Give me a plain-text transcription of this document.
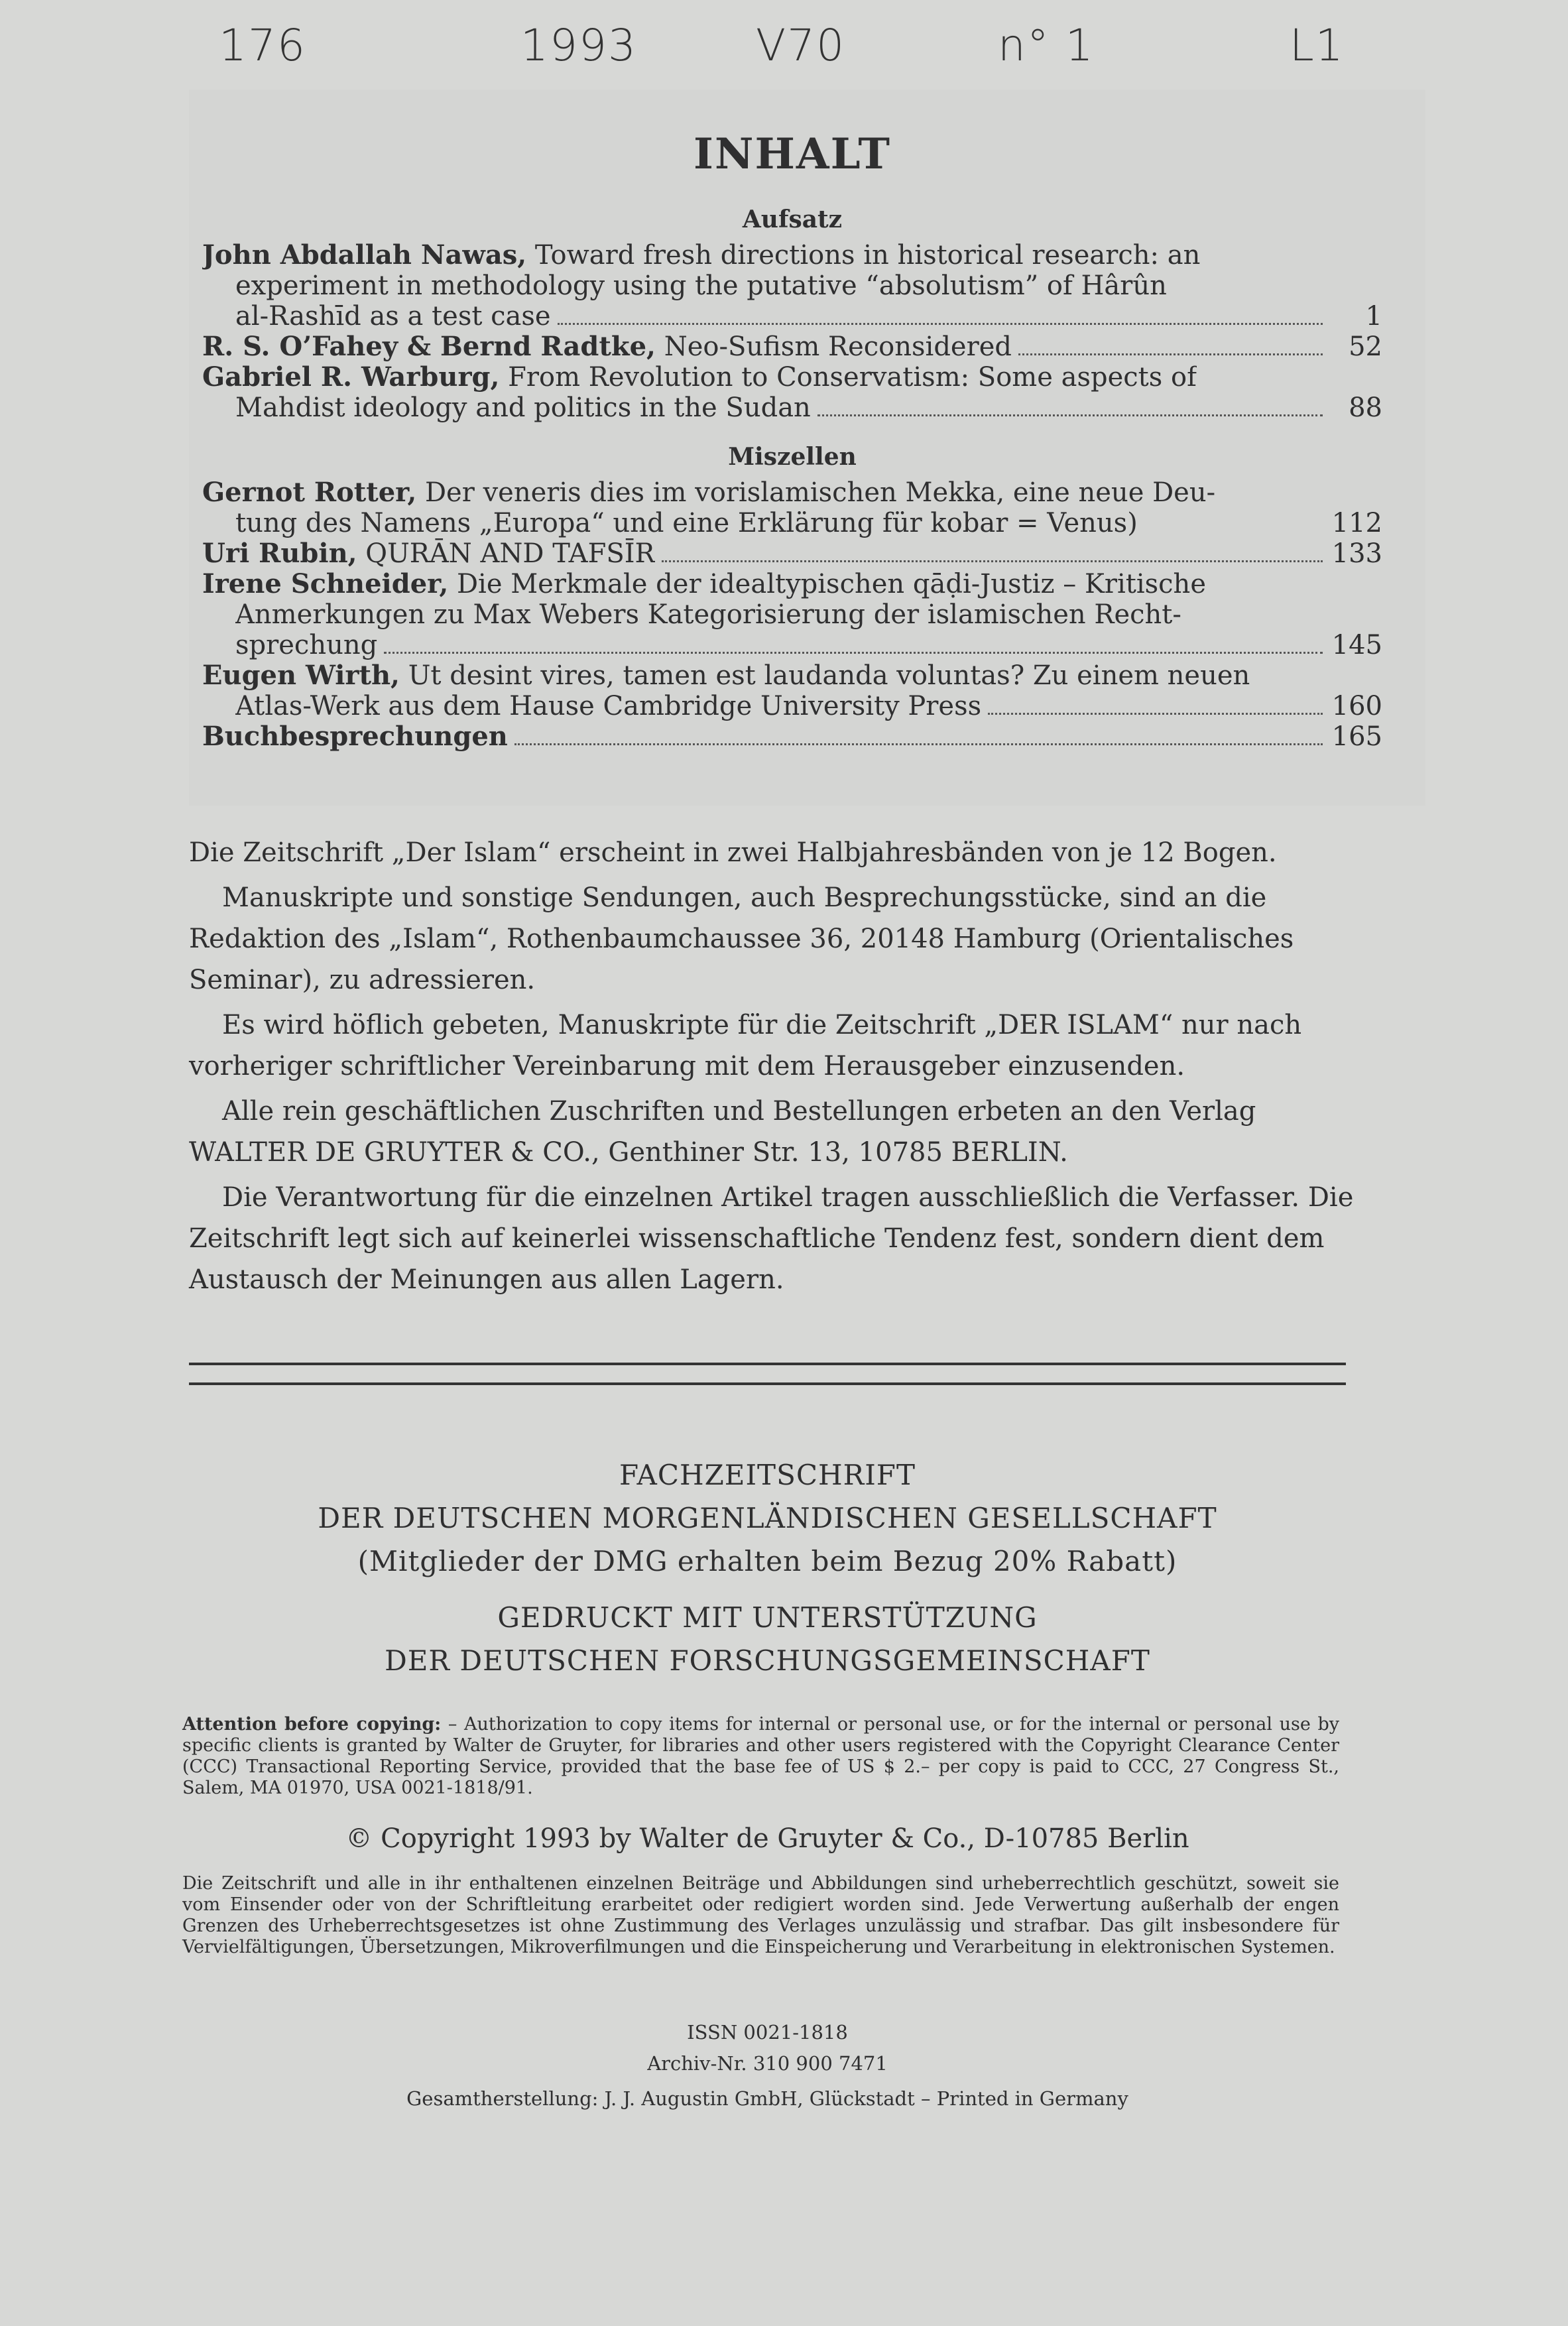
176	1993	V70	n° 1	L1
INHALT
Aufsatz
John Abdallah Nawas, Toward fresh directions in historical research: an
experiment in methodology using the putative “absolutism” of Hârûn
al-Rashīd as a test case	1
R. S. O’Fahey & Bernd Radtke, Neo-Sufism Reconsidered	52
Gabriel R. Warburg, From Revolution to Conservatism: Some aspects of
Mahdist ideology and politics in the Sudan	88
Miszellen
Gernot Rotter, Der veneris dies im vorislamischen Mekka, eine neue Deu-
tung des Namens „Europa“ und eine Erklärung für kobar = Venus)	112
Uri Rubin, QURĀN AND TAFSĪR	133
Irene Schneider, Die Merkmale der idealtypischen qāḍi-Justiz – Kritische
Anmerkungen zu Max Webers Kategorisierung der islamischen Recht-
sprechung	145
Eugen Wirth, Ut desint vires, tamen est laudanda voluntas? Zu einem neuen
Atlas-Werk aus dem Hause Cambridge University Press	160
Buchbesprechungen	165

Die Zeitschrift „Der Islam“ erscheint in zwei Halbjahresbänden von je 12 Bogen.

Manuskripte und sonstige Sendungen, auch Besprechungsstücke, sind an die Redaktion des „Islam“, Rothenbaumchaussee 36, 20148 Hamburg (Orientalisches Seminar), zu adressieren.

Es wird höflich gebeten, Manuskripte für die Zeitschrift „DER ISLAM“ nur nach vorheriger schriftlicher Vereinbarung mit dem Herausgeber einzusenden.

Alle rein geschäftlichen Zuschriften und Bestellungen erbeten an den Verlag WALTER DE GRUYTER & CO., Genthiner Str. 13, 10785 BERLIN.

Die Verantwortung für die einzelnen Artikel tragen ausschließlich die Verfasser. Die Zeitschrift legt sich auf keinerlei wissenschaftliche Tendenz fest, sondern dient dem Austausch der Meinungen aus allen Lagern.

FACHZEITSCHRIFT
DER DEUTSCHEN MORGENLÄNDISCHEN GESELLSCHAFT
(Mitglieder der DMG erhalten beim Bezug 20% Rabatt)
GEDRUCKT MIT UNTERSTÜTZUNG
DER DEUTSCHEN FORSCHUNGSGEMEINSCHAFT
Attention before copying: – Authorization to copy items for internal or personal use, or for the internal or personal use by specific clients is granted by Walter de Gruyter, for libraries and other users registered with the Copyright Clearance Center (CCC) Transactional Reporting Service, provided that the base fee of US $ 2.– per copy is paid to CCC, 27 Congress St., Salem, MA 01970, USA 0021-1818/91.
© Copyright 1993 by Walter de Gruyter & Co., D-10785 Berlin
Die Zeitschrift und alle in ihr enthaltenen einzelnen Beiträge und Abbildungen sind urheberrechtlich geschützt, soweit sie vom Einsender oder von der Schriftleitung erarbeitet oder redigiert worden sind. Jede Verwertung außerhalb der engen Grenzen des Urheberrechtsgesetzes ist ohne Zustimmung des Verlages unzulässig und strafbar. Das gilt insbesondere für Vervielfältigungen, Übersetzungen, Mikroverfilmungen und die Einspeicherung und Verarbeitung in elektronischen Systemen.
ISSN 0021-1818
Archiv-Nr. 310 900 7471
Gesamtherstellung: J. J. Augustin GmbH, Glückstadt – Printed in Germany
